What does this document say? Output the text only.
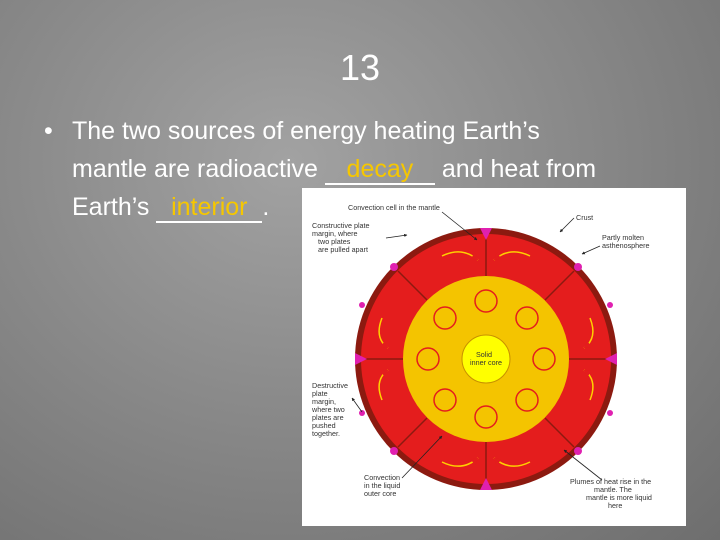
13
• The two sources of energy heating Earth’s
mantle are radioactive decay and heat from
Earth’s interior .	Convection cell in the mantle
Constructive plate
margin, where
two plates
are pulled apart
Crust
Partly molten
asthenosphere
Solid
inner core
Destructive
plate
margin,
where two
plates are
pushed
together.
Convection
in the liquid
outer core
Plumes of heat rise in the
mantle. The
mantle is more liquid
here
